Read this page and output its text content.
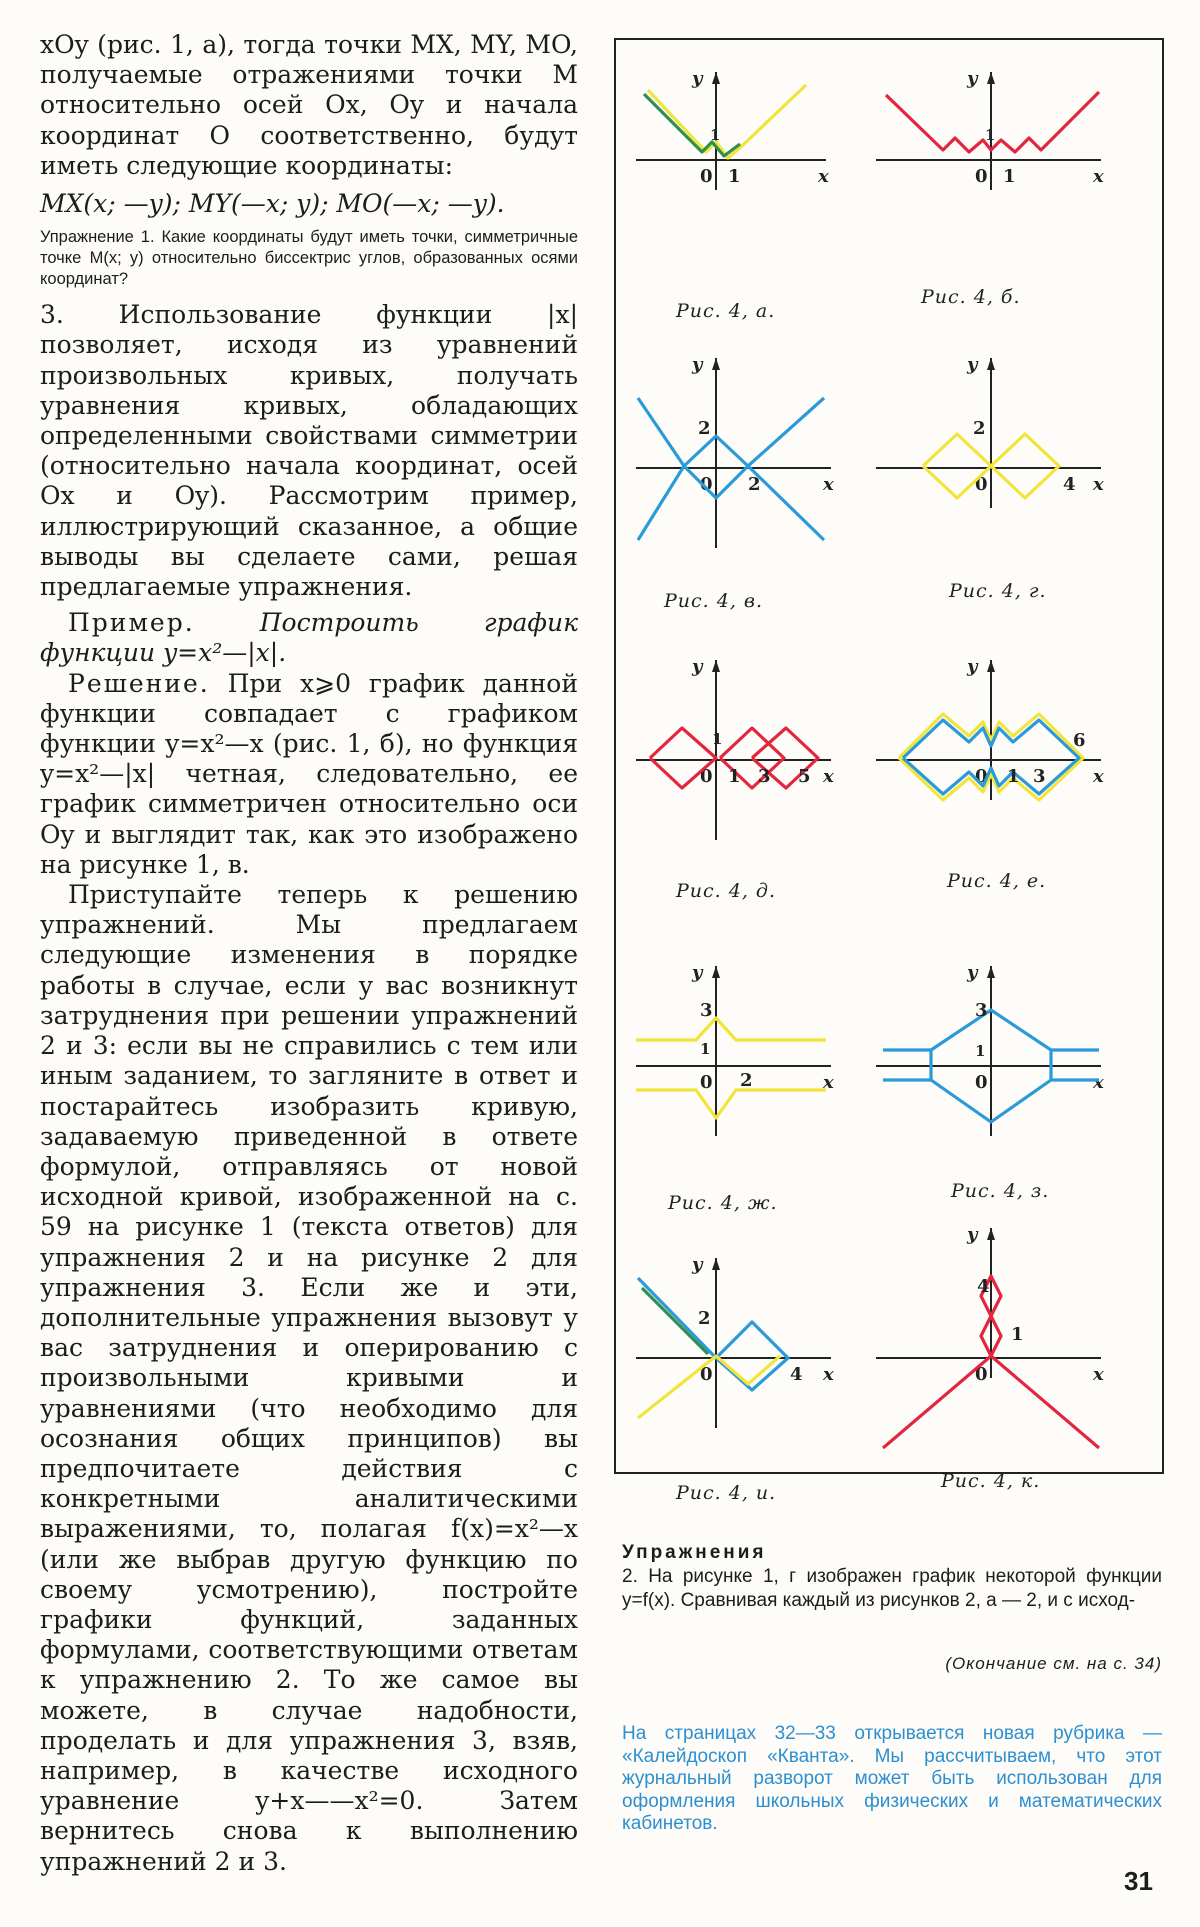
xOy (рис. 1, a), тогда точки MX, MY, MO, получаемые отражениями точки M относительно осей Ox, Oy и начала координат O соответственно, будут иметь следующие координаты:

MX(x; —y); MY(—x; y); MO(—x; —y).

Упражнение 1. Какие координаты будут иметь точки, симметричные точке M(x; y) относительно биссектрис углов, образованных осями координат?

3. Использование функции |x| позволяет, исходя из уравнений произвольных кривых, получать уравнения кривых, обладающих определенными свойствами симметрии (относительно начала координат, осей Ox и Oy). Рассмотрим пример, иллюстрирующий сказанное, а общие выводы вы сделаете сами, решая предлагаемые упражнения.

Пример.	Построить график функции y=x²—|x|.

Решение. При x⩾0 график данной функции совпадает с графиком функции y=x²—x (рис. 1, б), но функция y=x²—|x| четная, следовательно, ее график симметричен относительно оси Oy и выглядит так, как это изображено на рисунке 1, в.

Приступайте теперь к решению упражнений. Мы предлагаем следующие изменения в порядке работы в случае, если у вас возникнут затруднения при решении упражнений 2 и 3: если вы не справились с тем или иным заданием, то загляните в ответ и постарайтесь изобразить кривую, задаваемую приведенной в ответе формулой, отправляясь от новой исходной кривой, изображенной на с. 59 на рисунке 1 (текста ответов) для упражнения 2 и на рисунке 2 для упражнения 3. Если же и эти, дополнительные упражнения вызовут у вас затруднения и оперированию с произвольными кривыми и уравнениями (что необходимо для осознания общих принципов) вы предпочитаете действия с конкретными аналитическими выражениями, то, полагая f(x)=x²—x (или же выбрав другую функцию по своему усмотрению), постройте графики функций, заданных формулами, соответствующими ответам к упражнению 2. То же самое вы можете, в случае надобности, проделать и для упражнения 3, взяв, например, в качестве исходного уравнение y+x——x²=0. Затем вернитесь снова к выполнению упражнений 2 и 3.

x
y
0
1
1	x
y
0
1
1
x
y
0
2
2	x
y
0
2
4
x
y
0
1
1 3 5	x
y
0 1 3
6
x
y
0
3
1
2	x
y
0
3
1
x
y
0
2
4	x
y
0
4
1
Рис. 4, а.
Рис. 4, б.
Рис. 4, в.	Рис. 4, г.
Рис. 4, д.	Рис. 4, е.
Рис. 4, ж.
Рис. 4, з.
Рис. 4, и.
Рис. 4, к.
Упражнения
2. На рисунке 1, г изображен график некоторой функции y=f(x). Сравнивая каждый из рисунков 2, а — 2, и с исход-
(Окончание см. на с. 34)
На страницах 32—33 открывается новая рубрика — «Калейдоскоп «Кванта». Мы рассчитываем, что этот журнальный разворот может быть использован для оформления школьных физических и математических кабинетов.
31
